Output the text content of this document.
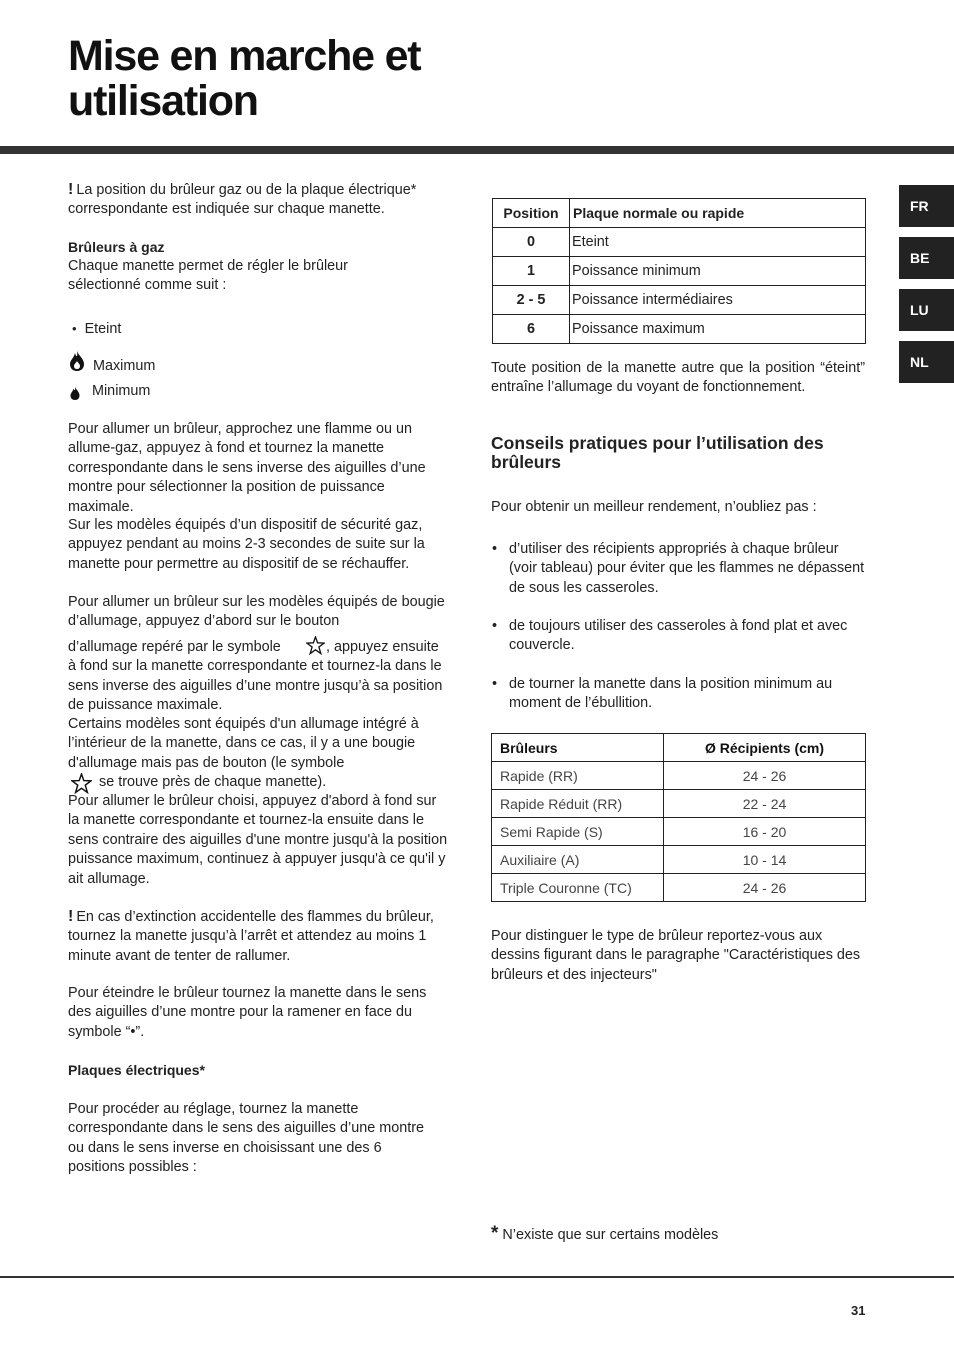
Mise en marche et
utilisation
FR
BE
LU
NL

! La position du brûleur gaz ou de la plaque électrique* correspondante est indiquée sur chaque manette.

Brûleurs à gaz

Chaque manette permet de régler le brûleur sélectionné comme suit :

• Eteint

Maximum

Minimum

Pour allumer un brûleur, approchez une flamme ou un allume-gaz, appuyez à fond et tournez la manette correspondante dans le sens inverse des aiguilles d’une montre pour sélectionner la position de puissance maximale.

Sur les modèles équipés d’un dispositif de sécurité gaz, appuyez pendant au moins 2-3 secondes de suite sur la manette pour permettre au dispositif de se réchauffer.

Pour allumer un brûleur sur les modèles équipés de bougie d’allumage, appuyez d’abord sur le bouton

d’allumage repéré par le symbole	, appuyez ensuite à fond sur la manette correspondante et tournez-la dans le sens inverse des aiguilles d’une montre jusqu’à sa position de puissance maximale.

Certains modèles sont équipés d'un allumage intégré à l’intérieur de la manette, dans ce cas, il y a une bougie d'allumage mais pas de bouton (le symbole

se trouve près de chaque manette).

Pour allumer le brûleur choisi, appuyez d'abord à fond sur la manette correspondante et tournez-la ensuite dans le sens contraire des aiguilles d'une montre jusqu'à la position puissance maximum, continuez à appuyer jusqu'à ce qu'il y ait allumage.

! En cas d’extinction accidentelle des flammes du brûleur, tournez la manette jusqu’à l’arrêt et attendez au moins 1 minute avant de tenter de rallumer.

Pour éteindre le brûleur tournez la manette dans le sens des aiguilles d’une montre pour la ramener en face du symbole “•”.

Plaques électriques*

Pour procéder au réglage, tournez la manette correspondante dans le sens des aiguilles d’une montre ou dans le sens inverse en choisissant une des 6 positions possibles :

Position	Plaque normale ou rapide
0	Eteint
1	Poissance minimum
2 - 5	Poissance intermédiaires
6	Poissance maximum

Toute position de la manette autre que la position “éteint” entraîne l’allumage du voyant de fonctionnement.

Conseils pratiques pour l’utilisation des brûleurs

Pour obtenir un meilleur rendement, n’oubliez pas :

• d’utiliser des récipients appropriés à chaque brûleur (voir tableau) pour éviter que les flammes ne dépassent de sous les casseroles.

• de toujours utiliser des casseroles à fond plat et avec couvercle.

• de tourner la manette dans la position minimum au moment de l’ébullition.

Brûleurs	Ø Récipients (cm)
Rapide (RR)	24 - 26
Rapide Réduit (RR)	22 - 24
Semi Rapide (S)	16 - 20
Auxiliaire (A)	10 - 14
Triple Couronne (TC)	24 - 26

Pour distinguer le type de brûleur reportez-vous aux dessins figurant dans le paragraphe "Caractéristiques des brûleurs et des injecteurs"

* N’existe que sur certains modèles

31
